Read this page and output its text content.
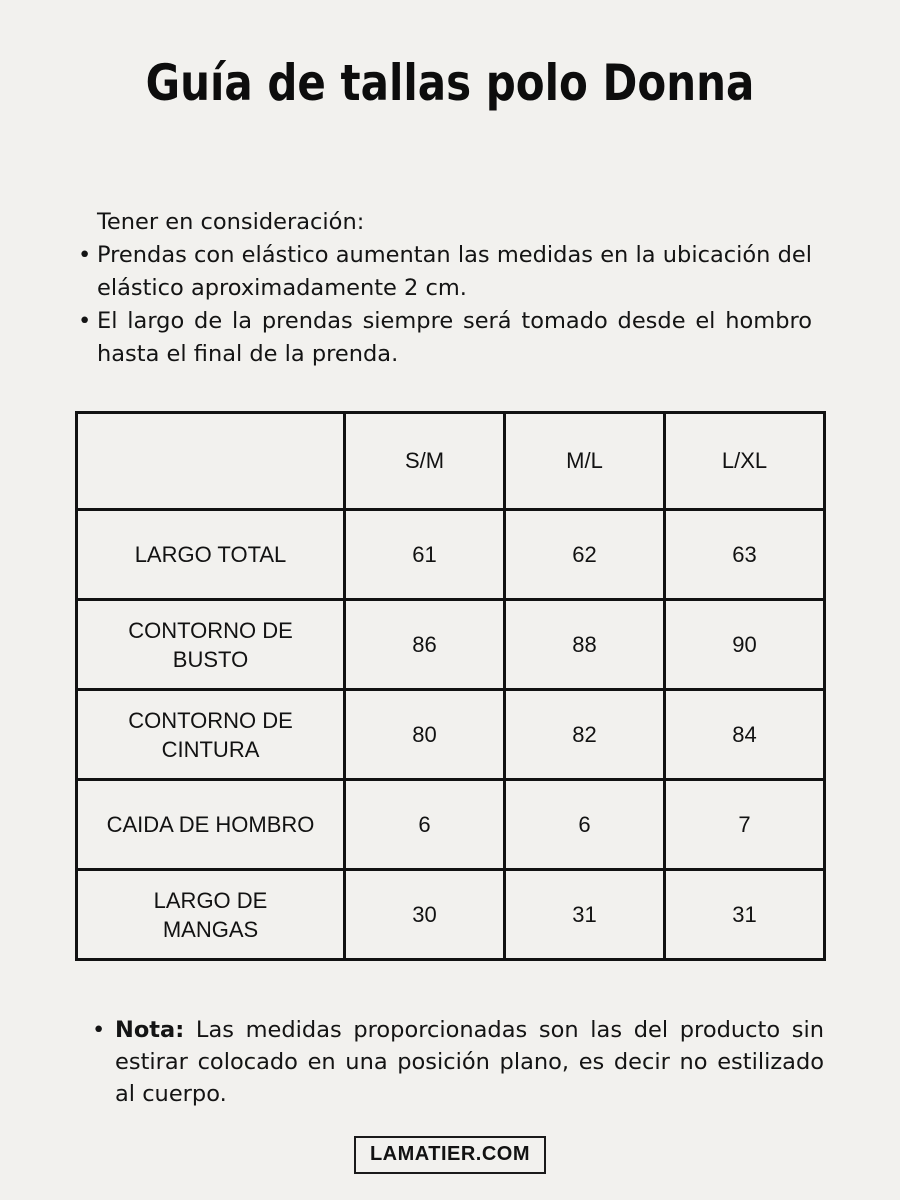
Guía de tallas polo Donna

Tener en consideración:

• Prendas con elástico aumentan las medidas en la ubicación del elástico aproximadamente 2 cm.
• El largo de la prendas siempre será tomado desde el hombro hasta el final de la prenda.
	S/M	M/L	L/XL
LARGO TOTAL	61	62	63
CONTORNO DE BUSTO	86	88	90
CONTORNO DE CINTURA	80	82	84
CAIDA DE HOMBRO	6	6	7
LARGO DE MANGAS	30	31	31
• Nota: Las medidas proporcionadas son las del producto sin estirar colocado en una posición plano, es decir no estilizado al cuerpo.
LAMATIER.COM
